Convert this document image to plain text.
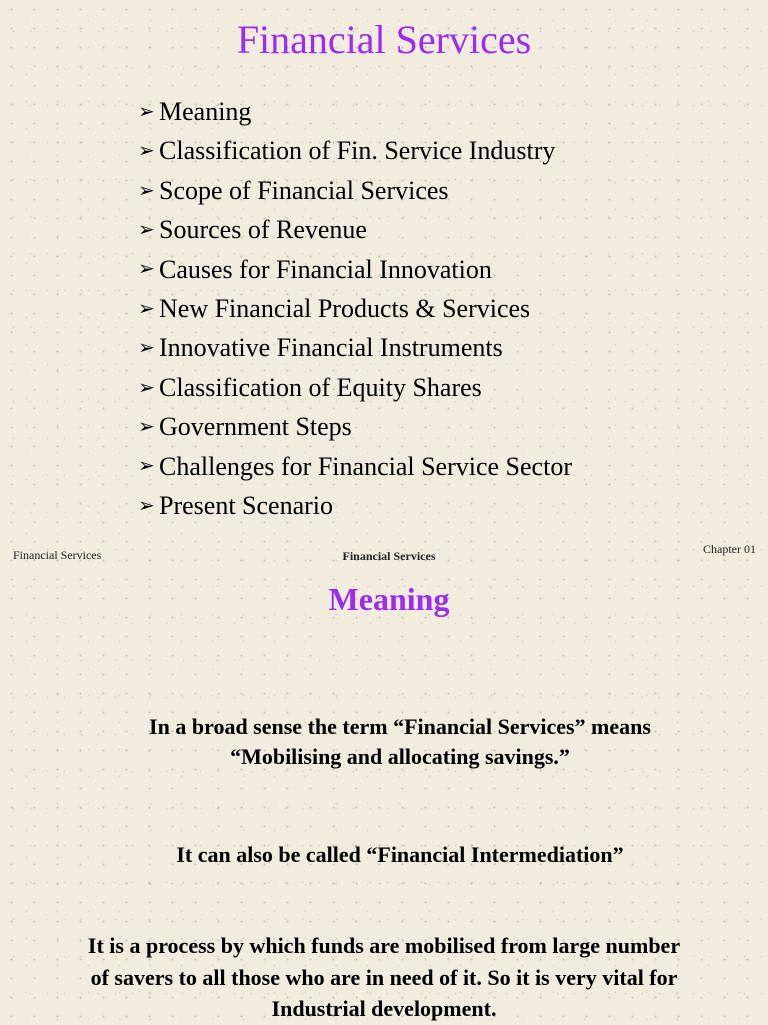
Financial Services
➢ Meaning
➢ Classification of Fin. Service Industry
➢ Scope of Financial Services
➢ Sources of Revenue
➢ Causes for Financial Innovation
➢ New Financial Products & Services
➢ Innovative Financial Instruments
➢ Classification of Equity Shares
➢ Government Steps
➢ Challenges for Financial Service Sector
➢ Present Scenario
Financial Services	Financial Services	Chapter 01
Meaning

In a broad sense the term “Financial Services” means
“Mobilising and allocating savings.”

It can also be called “Financial Intermediation”

It is a process by which funds are mobilised from large number
of savers to all those who are in need of it. So it is very vital for
Industrial development.
